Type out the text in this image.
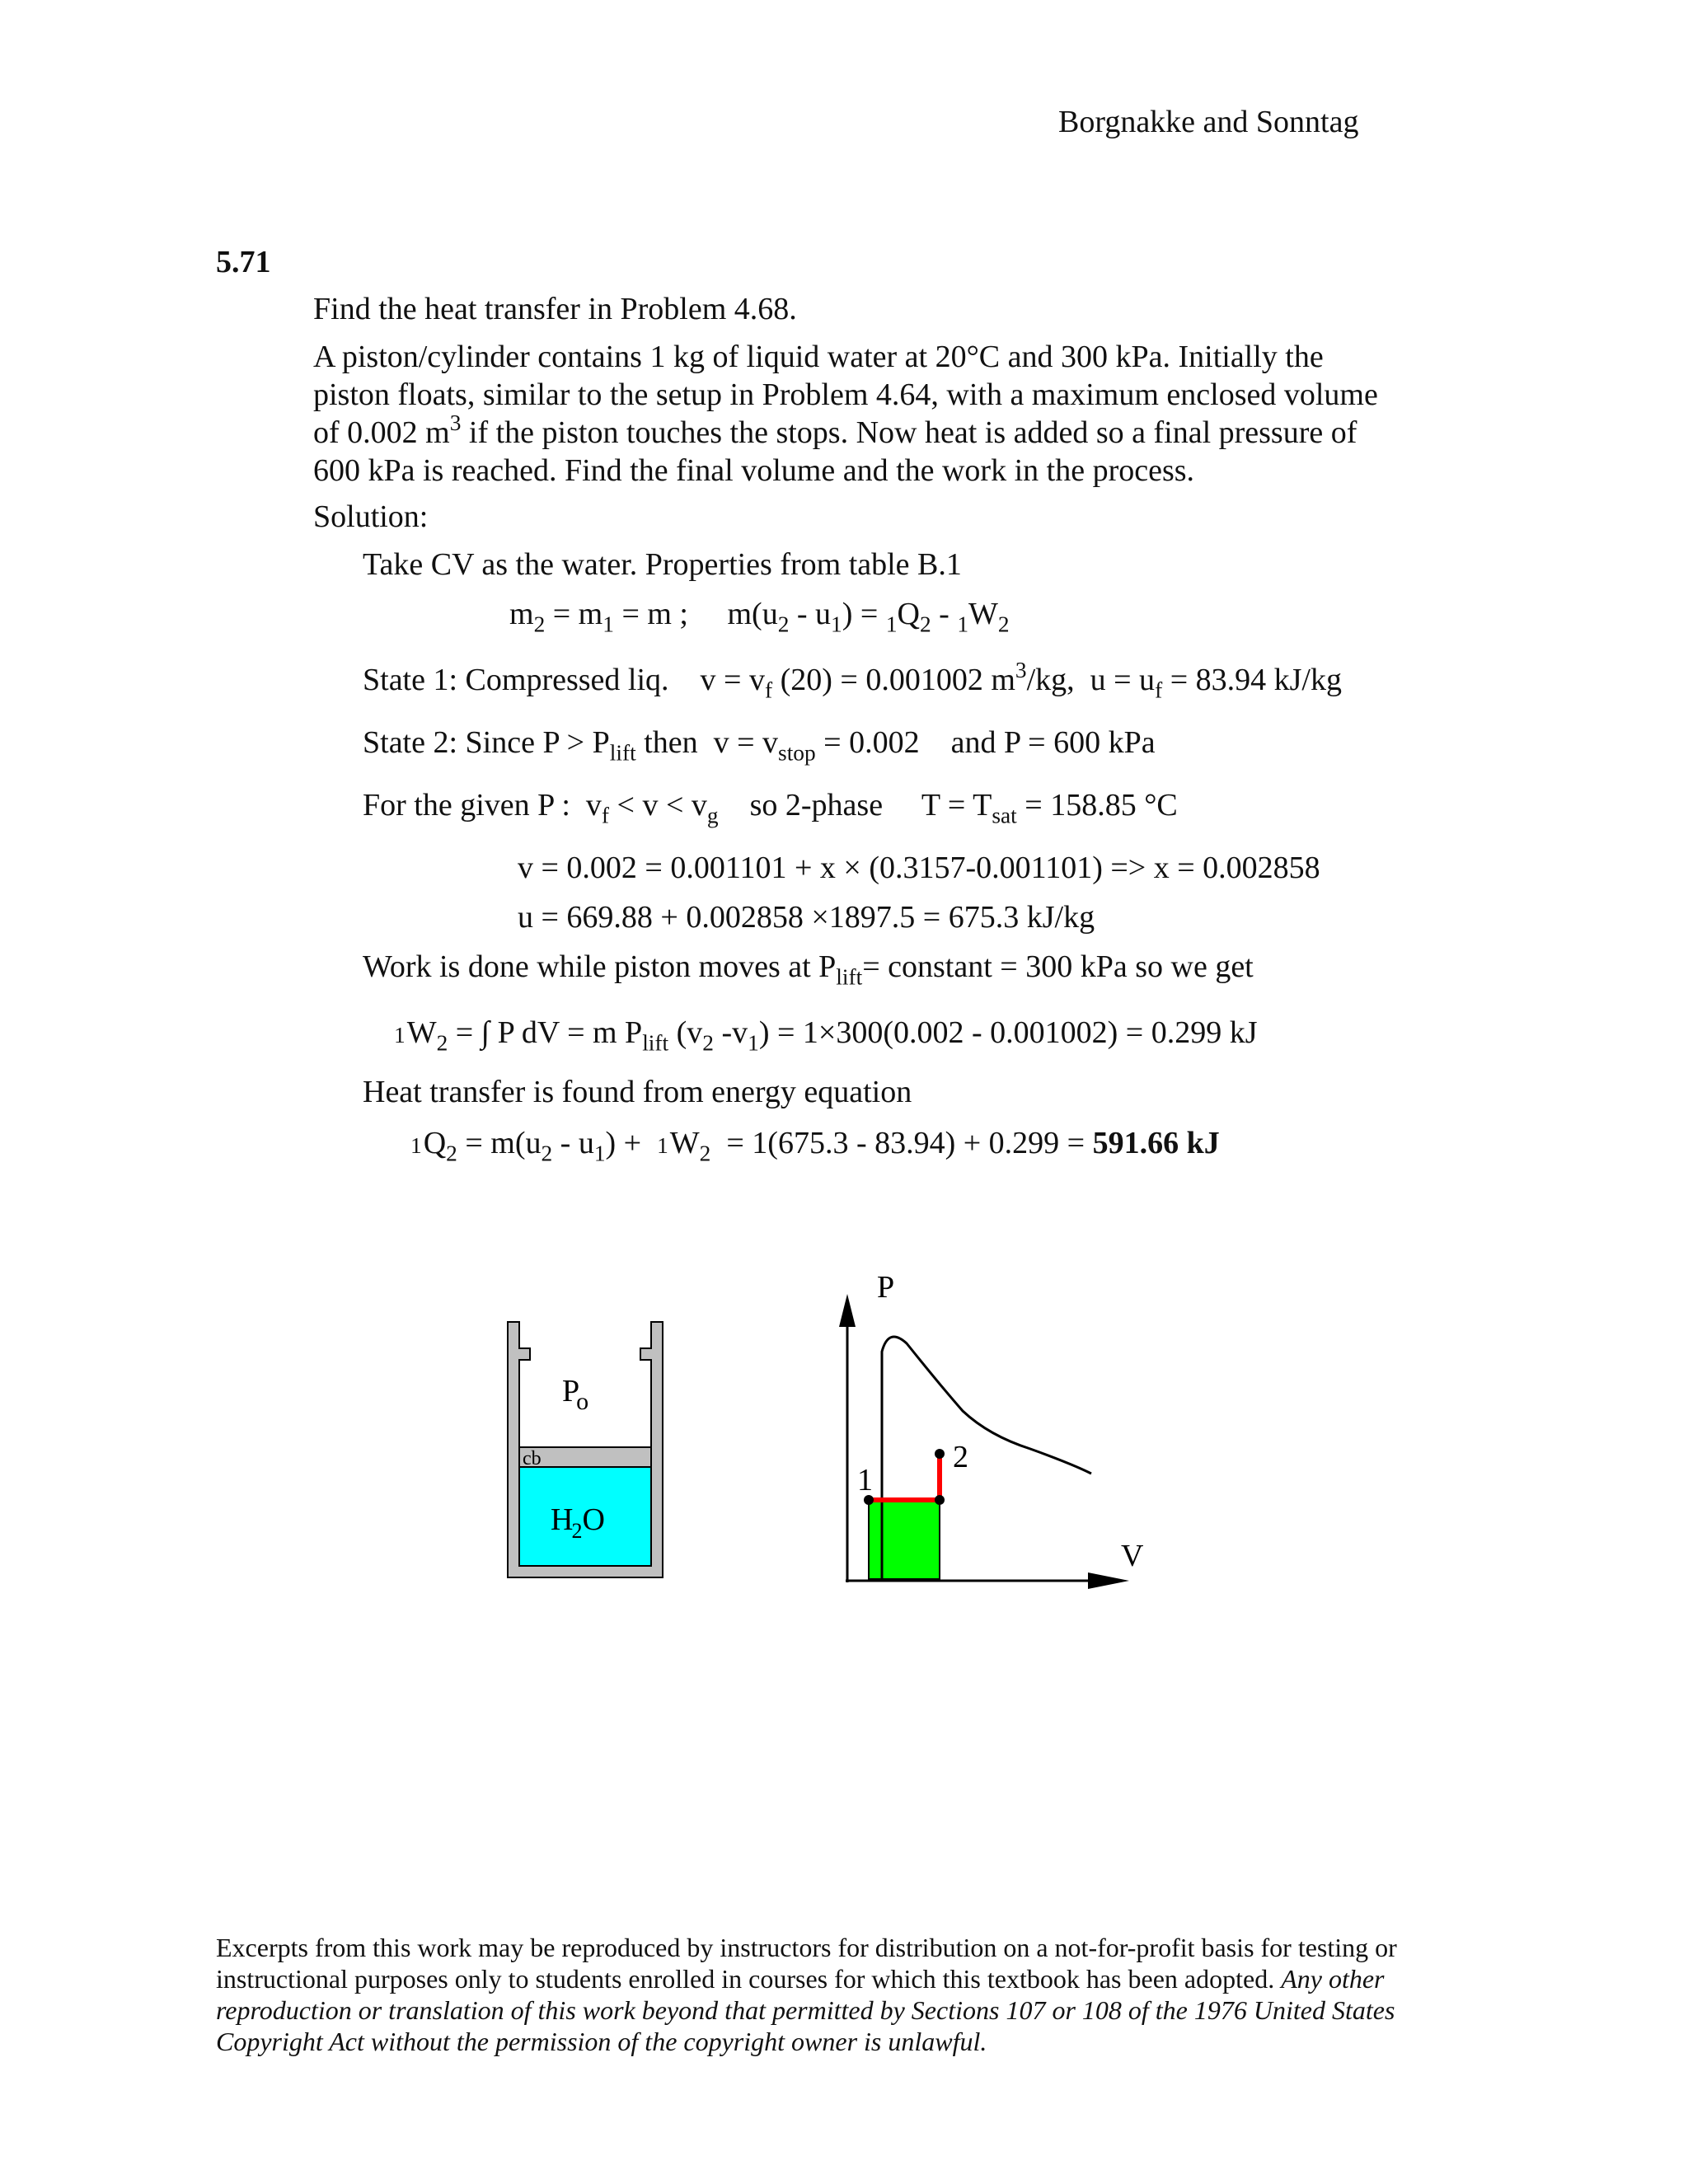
Borgnakke and Sonntag
5.71
Find the heat transfer in Problem 4.68.
A piston/cylinder contains 1 kg of liquid water at 20°C and 300 kPa. Initially the
piston floats, similar to the setup in Problem 4.64, with a maximum enclosed volume
of 0.002 $m^3$ if the piston touches the stops. Now heat is added so a final pressure of
600 kPa is reached. Find the final volume and the work in the process.
Solution:
Take CV as the water. Properties from table B.1
$m_2 = m_1 = m$ ;     $m(u_2 - u_1) = _1Q_2 - _1W_2$
State 1: Compressed liq.    $v = v_f$ (20) = 0.001002 $m^3/kg$,  $u = u_f = 83.94$ kJ/kg
State 2: Since $P > P_{lift}$ then  $v = v_{stop} = 0.002$    and P = 600 kPa
For the given P :  $v_f < v < v_g$    so 2-phase     $T = T_{sat} = 158.85$ °C
v = 0.002 = 0.001101 + x × (0.3157-0.001101) => x = 0.002858
u = 669.88 + 0.002858 ×1897.5 = 675.3 kJ/kg
Work is done while piston moves at $P_{lift}=$ constant = 300 kPa so we get
$1W_2$ = ∫ P dV = m $P_{lift}$ ($v_2$ $-v_1) = 1\times 300(0.002 - 0.001002) = 0.299$ kJ
Heat transfer is found from energy equation
$1Q_2 = m(u_2 - u_1) + 1W_2 = 1(675.3 - 83.94) + 0.299 = 591.66$ kJ
cb
Po
H2O
P
V
1
2
Excerpts from this work may be reproduced by instructors for distribution on a not-for-profit basis for testing or instructional purposes only to students enrolled in courses for which this textbook has been adopted. Any other reproduction or translation of this work beyond that permitted by Sections 107 or 108 of the 1976 United States Copyright Act without the permission of the copyright owner is unlawful.
